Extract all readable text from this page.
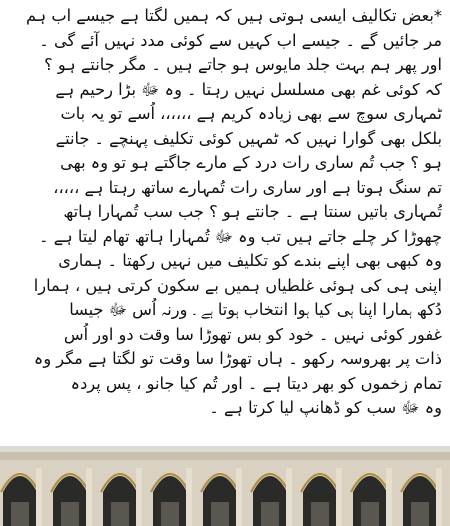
*بعض تکالیف ایسی ہوتی ہیں کہ ہمیں لگتا ہے جیسے اب ہم
مر جائیں گے ۔ جیسے اب کہیں سے کوئی مدد نہیں آئے گی ۔
اور پھر ہم بہت جلد مایوس ہو جاتے ہیں ۔ مگر جانتے ہو ؟
کہ کوئی غم بھی مسلسل نہیں رہتا ۔ وہ ﷻ بڑا رحیم ہے
ٹمہاری سوچ سے بھی زیادہ کریم ہے ،،،،،، اُسے تو یہ بات
بلکل بھی گوارا نہیں کہ ٹمہیں کوئی تکلیف پہنچے ۔ جانتے
ہو ؟ جب تُم ساری رات درد کے مارے جاگتے ہو تو وہ بھی
تم سنگ ہوتا ہے اور ساری رات تُمہارے ساتھ رہتا ہے ،،،،،
تُمہاری باتیں سنتا ہے ۔ جانتے ہو ؟ جب سب تُمہارا ہاتھ
چھوڑا کر چلے جاتے ہیں تب وہ ﷻ تُمہارا ہاتھ تھام لیتا ہے ۔
وہ کبھی بھی اپنے بندے کو تکلیف میں نہیں رکھتا ۔ ہماری
اپنی ہی کی ہوئی غلطیاں ہمیں بے سکون کرتی ہیں ، ہمارا
دُکھ ہمارا اپنا ہی کیا ہوا انتخاب ہوتا ہے ۔ ورنہ اُس ﷻ جیسا
غفور کوئی نہیں ۔ خود کو بس تھوڑا سا وقت دو اور اُس
ذات پر بھروسہ رکھو ۔ ہاں تھوڑا سا وقت تو لگتا ہے مگر وہ
تمام زخموں کو بھر دیتا ہے ۔ اور تُم کیا جانو ، پس پردہ
وہ ﷻ سب کو ڈھانپ لیا کرتا ہے ۔
